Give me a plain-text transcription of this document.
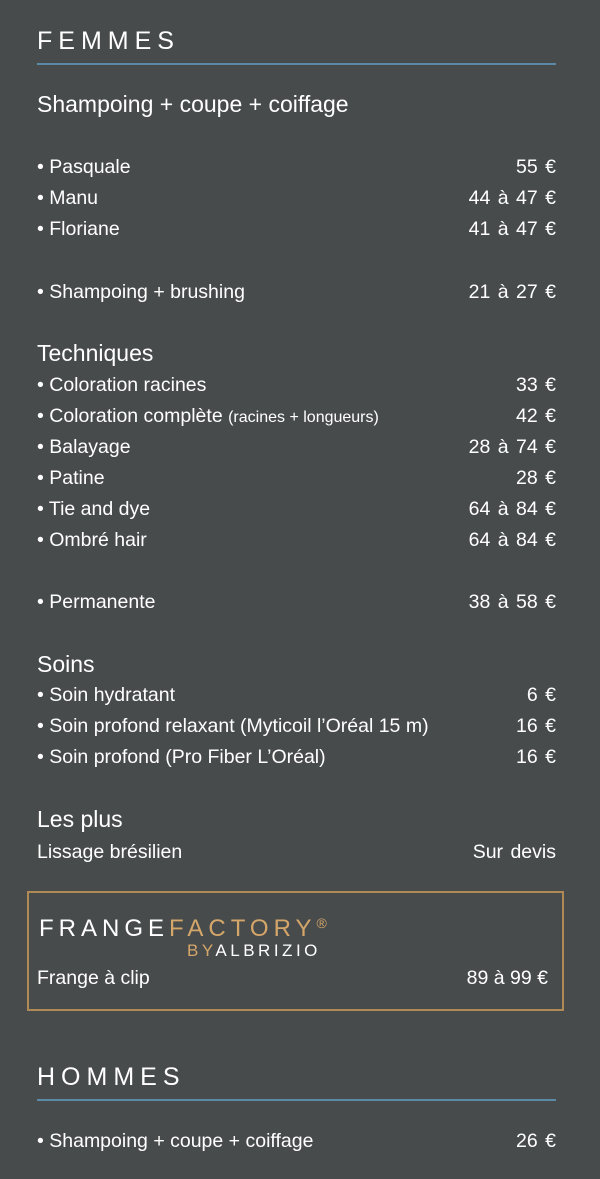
FEMMES
Shampoing + coupe + coiffage
• Pasquale	55 €
• Manu	44 à 47 €
• Floriane	41 à 47 €
• Shampoing + brushing	21 à 27 €
Techniques
• Coloration racines	33 €
• Coloration complète (racines + longueurs)	42 €
• Balayage	28 à 74 €
• Patine	28 €
• Tie and dye	64 à 84 €
• Ombré hair	64 à 84 €
• Permanente	38 à 58 €
Soins
• Soin hydratant	6 €
• Soin profond relaxant (Myticoil l’Oréal 15 m)	16 €
• Soin profond (Pro Fiber L’Oréal)	16 €
Les plus
Lissage brésilien	Sur devis
FRANGEFACTORY®
BYALBRIZIO
Frange à clip	89 à 99 €
HOMMES
• Shampoing + coupe + coiffage	26 €
